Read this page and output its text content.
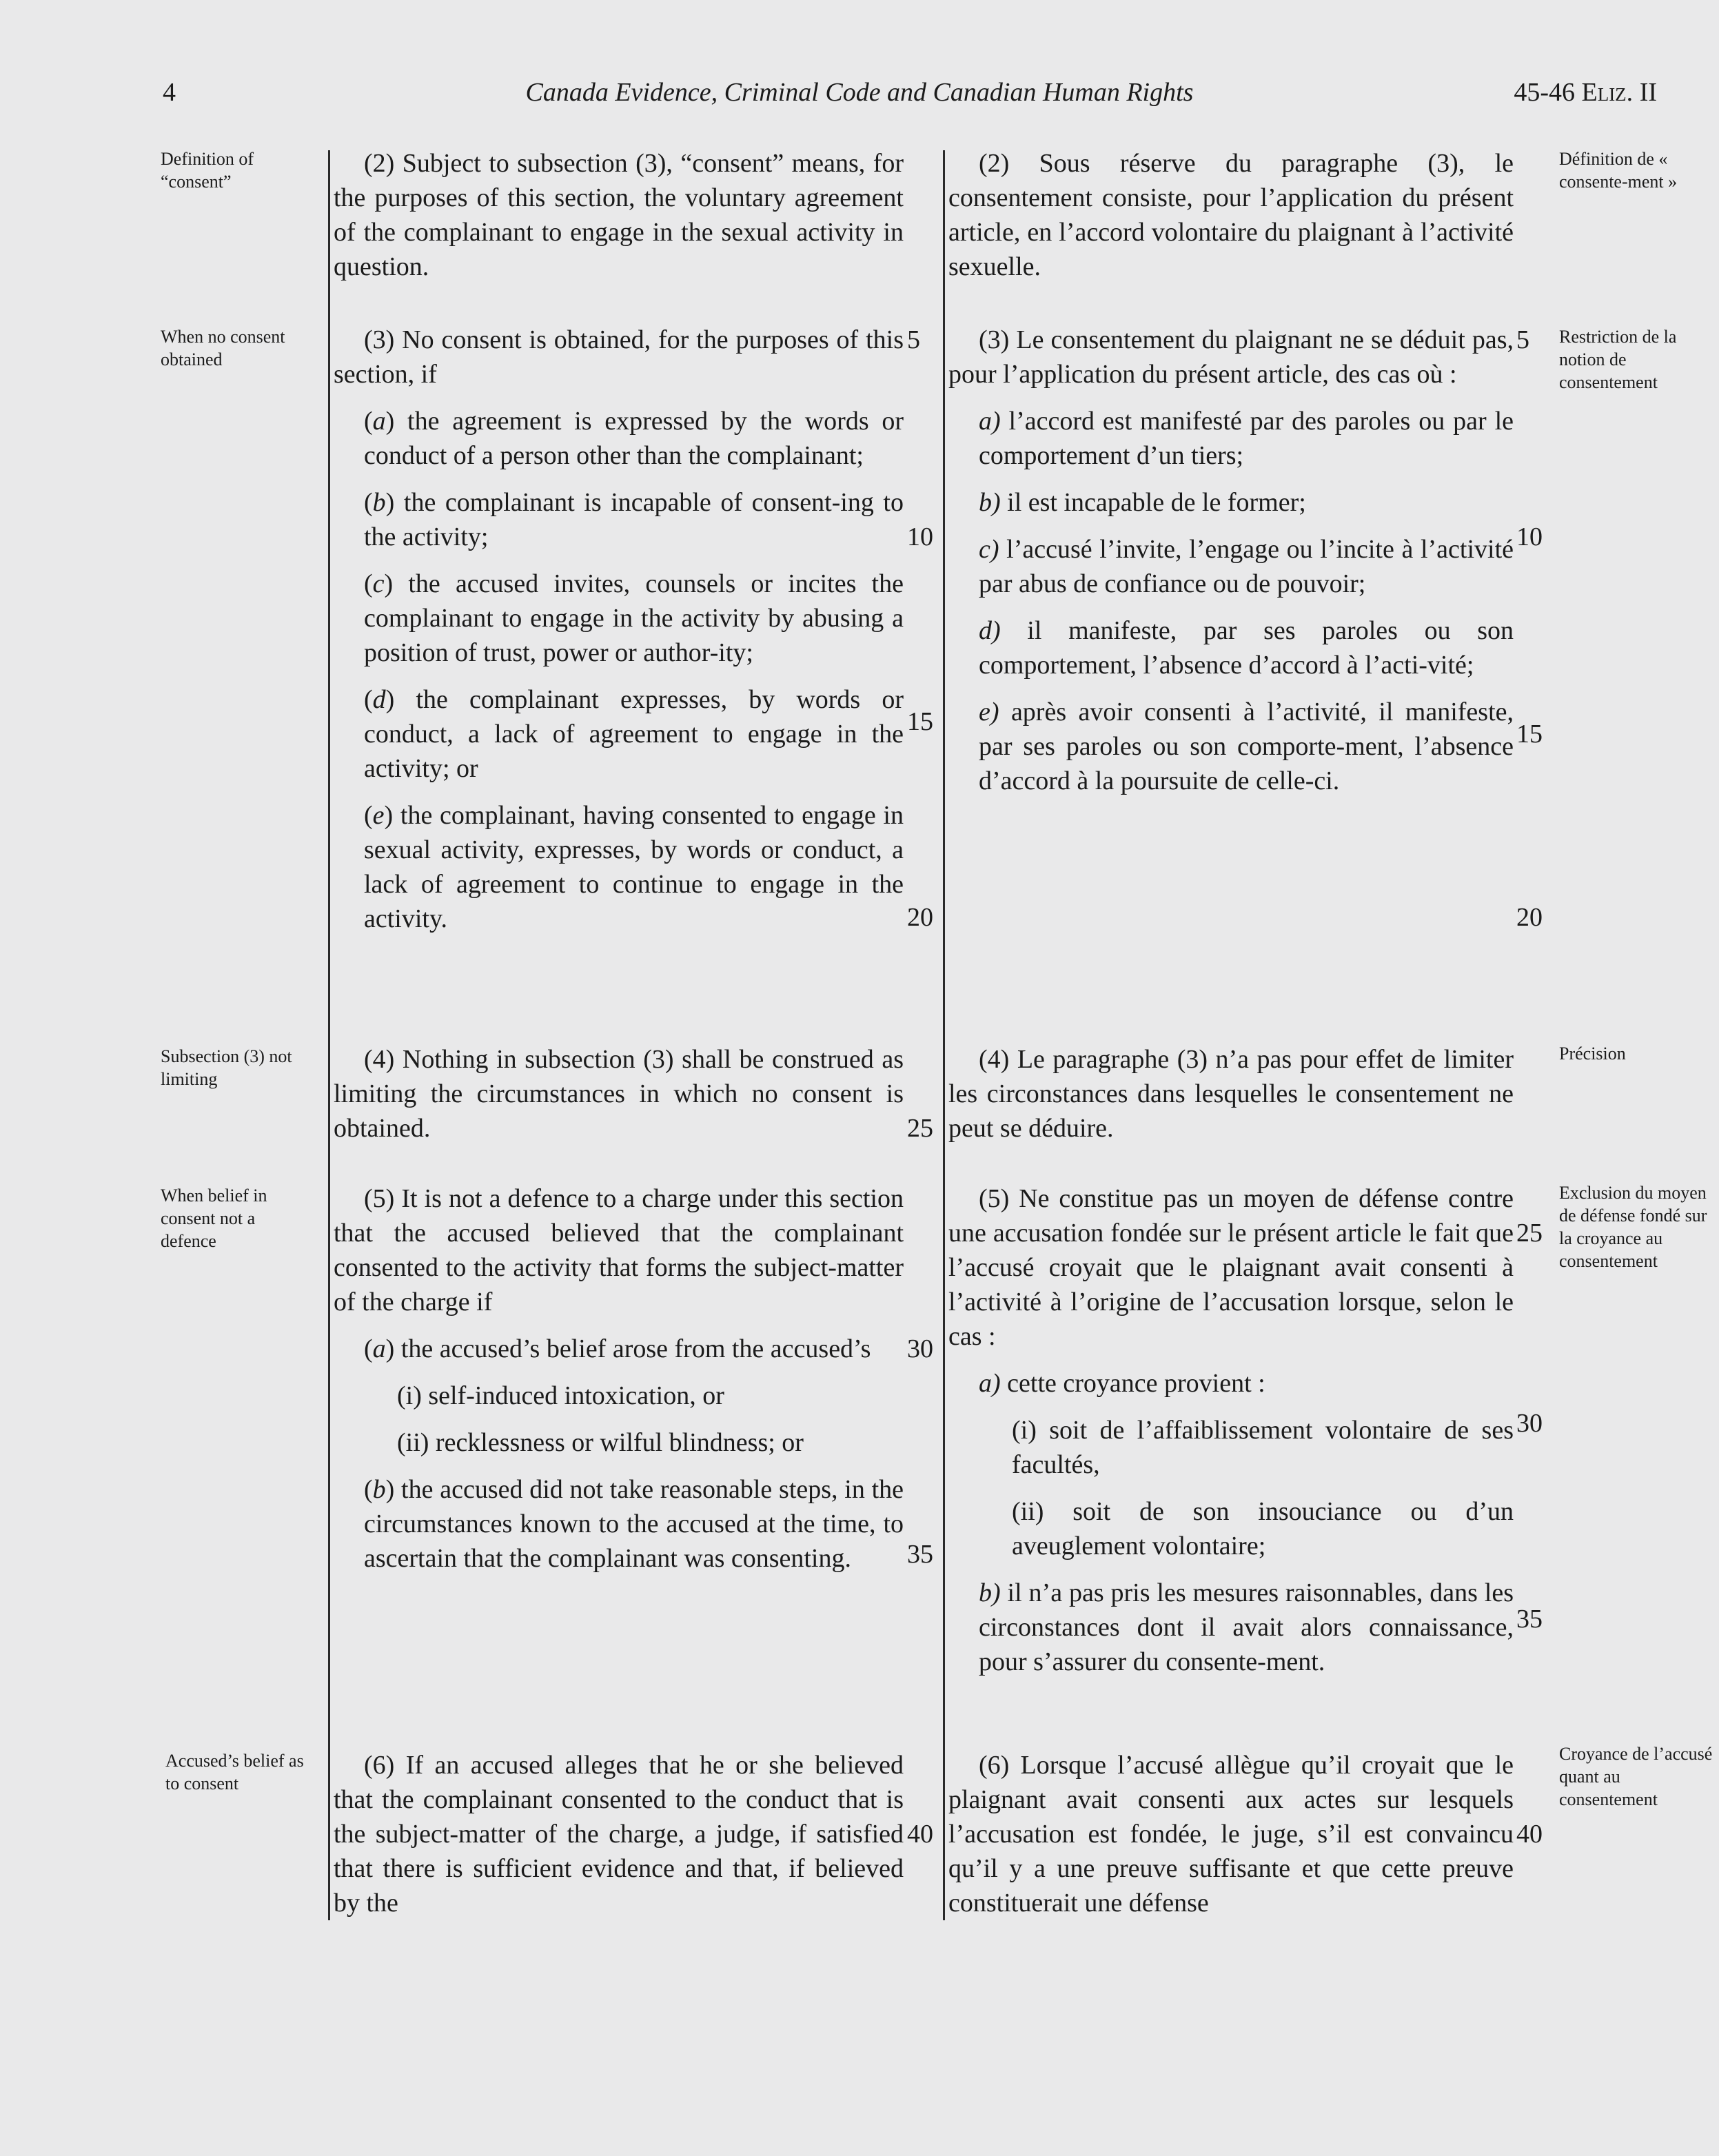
4	Canada Evidence, Criminal Code and Canadian Human Rights	45-46 Eliz. II
Definition of “consent”
When no consent obtained
Subsection (3) not limiting
When belief in consent not a defence
Accused’s belief as to consent
Définition de « consente-ment »
Restriction de la notion de consentement
Précision
Exclusion du moyen de défense fondé sur la croyance au consentement
Croyance de l’accusé quant au consentement

(2) Subject to subsection (3), “consent” means, for the purposes of this section, the voluntary agreement of the complainant to engage in the sexual activity in question.

(3) No consent is obtained, for the purposes of this section, if

(a) the agreement is expressed by the words or conduct of a person other than the complainant;

(b) the complainant is incapable of consent-ing to the activity;

(c) the accused invites, counsels or incites the complainant to engage in the activity by abusing a position of trust, power or author-ity;

(d) the complainant expresses, by words or conduct, a lack of agreement to engage in the activity; or

(e) the complainant, having consented to engage in sexual activity, expresses, by words or conduct, a lack of agreement to continue to engage in the activity.

(4) Nothing in subsection (3) shall be construed as limiting the circumstances in which no consent is obtained.

(5) It is not a defence to a charge under this section that the accused believed that the complainant consented to the activity that forms the subject-matter of the charge if

(a) the accused’s belief arose from the accused’s

(i) self-induced intoxication, or

(ii) recklessness or wilful blindness; or

(b) the accused did not take reasonable steps, in the circumstances known to the accused at the time, to ascertain that the complainant was consenting.

(6) If an accused alleges that he or she believed that the complainant consented to the conduct that is the subject-matter of the charge, a judge, if satisfied that there is sufficient evidence and that, if believed by the

(2) Sous réserve du paragraphe (3), le consentement consiste, pour l’application du présent article, en l’accord volontaire du plaignant à l’activité sexuelle.

(3) Le consentement du plaignant ne se déduit pas, pour l’application du présent article, des cas où :

a) l’accord est manifesté par des paroles ou par le comportement d’un tiers;

b) il est incapable de le former;

c) l’accusé l’invite, l’engage ou l’incite à l’activité par abus de confiance ou de pouvoir;

d) il manifeste, par ses paroles ou son comportement, l’absence d’accord à l’acti-vité;

e) après avoir consenti à l’activité, il manifeste, par ses paroles ou son comporte-ment, l’absence d’accord à la poursuite de celle-ci.

(4) Le paragraphe (3) n’a pas pour effet de limiter les circonstances dans lesquelles le consentement ne peut se déduire.

(5) Ne constitue pas un moyen de défense contre une accusation fondée sur le présent article le fait que l’accusé croyait que le plaignant avait consenti à l’activité à l’origine de l’accusation lorsque, selon le cas :

a) cette croyance provient :

(i) soit de l’affaiblissement volontaire de ses facultés,

(ii) soit de son insouciance ou d’un aveuglement volontaire;

b) il n’a pas pris les mesures raisonnables, dans les circonstances dont il avait alors connaissance, pour s’assurer du consente-ment.

(6) Lorsque l’accusé allègue qu’il croyait que le plaignant avait consenti aux actes sur lesquels l’accusation est fondée, le juge, s’il est convaincu qu’il y a une preuve suffisante et que cette preuve constituerait une défense

5
10
15
20
25
30
35
40
5
10
15
20
25
30
35
40
